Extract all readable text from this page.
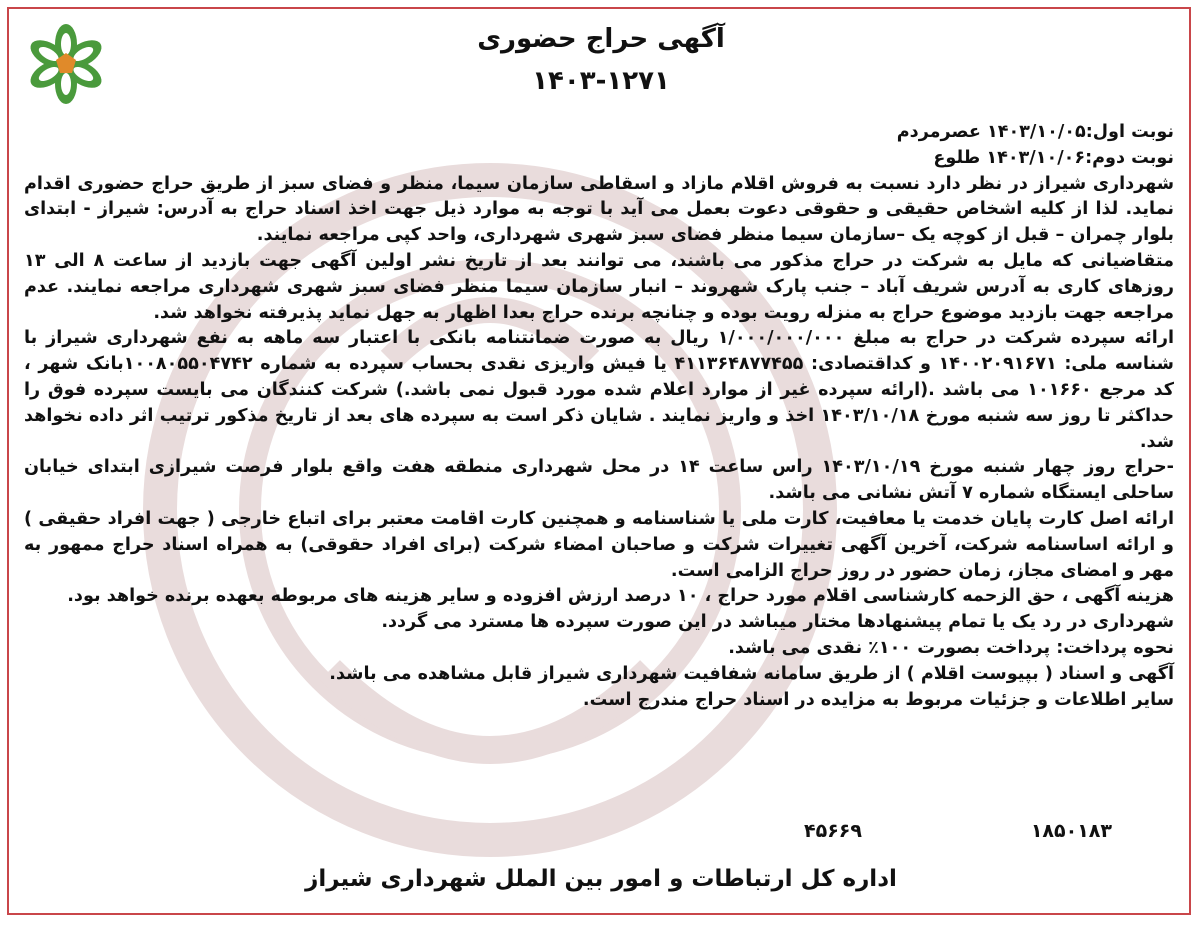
آگهی حراج حضوری
۱۴۰۳-۱۲۷۱

نوبت اول:۱۴۰۳/۱۰/۰۵ عصرمردم

نوبت دوم:۱۴۰۳/۱۰/۰۶ طلوع

شهرداری شیراز در نظر دارد نسبت به فروش اقلام مازاد و اسقاطی سازمان سیما، منظر و فضای سبز از طریق حراج حضوری اقدام نماید. لذا از کلیه اشخاص حقیقی و حقوقی دعوت بعمل می آید با توجه به موارد ذیل جهت اخذ اسناد حراج به آدرس: شیراز - ابتدای بلوار چمران – قبل از کوچه یک –سازمان سیما منظر فضای سبز شهری شهرداری، واحد کپی مراجعه نمایند.

متقاضیانی که مایل به شرکت در حراج مذکور می باشند، می توانند بعد از تاریخ نشر اولین آگهی جهت بازدید از ساعت ۸ الی ۱۳ روزهای کاری به آدرس شریف آباد – جنب پارک شهروند – انبار سازمان سیما منظر فضای سبز شهری شهرداری مراجعه نمایند. عدم مراجعه جهت بازدید موضوع حراج به منزله رویت بوده و چنانچه برنده حراج بعدا اظهار به جهل نماید پذیرفته نخواهد شد.

ارائه سپرده شرکت در حراج به مبلغ ۱/۰۰۰/۰۰۰/۰۰۰ ریال به صورت ضمانتنامه بانکی با اعتبار سه ماهه به نفع شهرداری شیراز با شناسه ملی: ۱۴۰۰۲۰۹۱۶۷۱ و کداقتصادی: ۴۱۱۳۶۴۸۷۷۴۵۵ یا فیش واریزی نقدی بحساب سپرده به شماره ۱۰۰۸۰۵۵۰۴۷۴۲بانک شهر ، کد مرجع ۱۰۱۶۶۰ می باشد .(ارائه سپرده غیر از موارد اعلام شده مورد قبول نمی باشد.) شرکت کنندگان می بایست سپرده فوق را حداکثر تا روز سه شنبه مورخ ۱۴۰۳/۱۰/۱۸ اخذ و واریز نمایند . شایان ذکر است به سپرده های بعد از تاریخ مذکور ترتیب اثر داده نخواهد شد.

-حراج روز چهار شنبه مورخ ۱۴۰۳/۱۰/۱۹ راس ساعت ۱۴ در محل شهرداری منطقه هفت واقع بلوار فرصت شیرازی ابتدای خیابان ساحلی ایستگاه شماره ۷ آتش نشانی می باشد.

ارائه اصل کارت پایان خدمت یا معافیت، کارت ملی یا شناسنامه و همچنین کارت اقامت معتبر برای اتباع خارجی ( جهت افراد حقیقی ) و ارائه اساسنامه شرکت، آخرین آگهی تغییرات شرکت و صاحبان امضاء شرکت (برای افراد حقوقی) به همراه اسناد حراج ممهور به مهر و امضای مجاز، زمان حضور در روز حراج الزامی است.

هزینه آگهی ، حق الزحمه کارشناسی اقلام مورد حراج ، ۱۰ درصد ارزش افزوده و سایر هزینه های مربوطه بعهده برنده خواهد بود.

شهرداری در رد یک یا تمام پیشنهادها مختار میباشد در این صورت سپرده ها مسترد می گردد.

نحوه پرداخت: پرداخت بصورت ۱۰۰٪ نقدی می باشد.

آگهی و اسناد ( بپیوست اقلام ) از طریق سامانه شفافیت شهرداری شیراز قابل مشاهده می باشد.

سایر اطلاعات و جزئیات مربوط به مزایده در اسناد حراج مندرج است.

۴۵۶۶۹	۱۸۵۰۱۸۳
اداره کل ارتباطات و امور بین الملل شهرداری شیراز
